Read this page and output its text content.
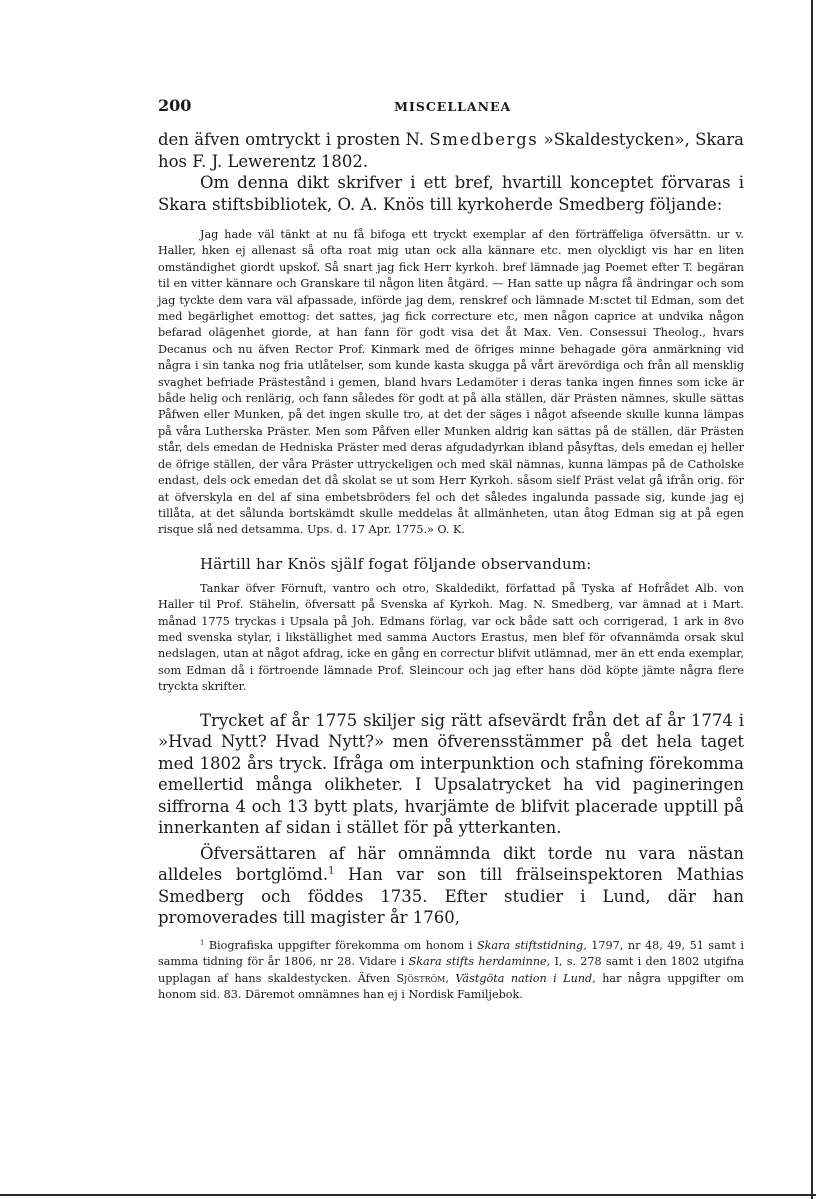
200	MISCELLANEA

den äfven omtryckt i prosten N. Smedbergs »Skaldestycken», Skara hos F. J. Lewerentz 1802.

Om denna dikt skrifver i ett bref, hvartill konceptet förvaras i Skara stiftsbibliotek, O. A. Knös till kyrkoherde Smedberg följande:

Jag hade väl tänkt at nu få bifoga ett tryckt exemplar af den förträffeliga öfversättn. ur v. Haller, hken ej allenast så ofta roat mig utan ock alla kännare etc. men olyckligt vis har en liten omständighet giordt upskof. Så snart jag fick Herr kyrkoh. bref lämnade jag Poemet efter T. begäran til en vitter kännare och Granskare til någon liten åtgärd. — Han satte up några få ändringar och som jag tyckte dem vara väl afpassade, införde jag dem, renskref och lämnade M:sctet til Edman, som det med begärlighet emottog: det sattes, jag fick correcture etc, men någon caprice at undvika någon befarad olägenhet giorde, at han fann för godt visa det åt Max. Ven. Consessui Theolog., hvars Decanus och nu äfven Rector Prof. Kinmark med de öfriges minne behagade göra anmärkning vid några i sin tanka nog fria utlåtelser, som kunde kasta skugga på vårt ärevördiga och från all mensklig svaghet befriade Prästestånd i gemen, bland hvars Ledamöter i deras tanka ingen finnes som icke är både helig och renlärig, och fann således för godt at på alla ställen, där Prästen nämnes, skulle sättas Påfwen eller Munken, på det ingen skulle tro, at det der säges i något afseende skulle kunna lämpas på våra Lutherska Präster. Men som Påfven eller Munken aldrig kan sättas på de ställen, där Prästen står, dels emedan de Hedniska Präster med deras afgudadyrkan ibland påsyftas, dels emedan ej heller de öfrige ställen, der våra Präster uttryckeligen och med skäl nämnas, kunna lämpas på de Catholske endast, dels ock emedan det då skolat se ut som Herr Kyrkoh. såsom sielf Präst velat gå ifrån orig. för at öfverskyla en del af sina embetsbröders fel och det således ingalunda passade sig, kunde jag ej tillåta, at det sålunda bortskämdt skulle meddelas åt allmänheten, utan åtog Edman sig at på egen risque slå ned detsamma. Ups. d. 17 Apr. 1775.» O. K.

Härtill har Knös själf fogat följande observandum:

Tankar öfver Förnuft, vantro och otro, Skaldedikt, författad på Tyska af Hofrådet Alb. von Haller til Prof. Stähelin, öfversatt på Svenska af Kyrkoh. Mag. N. Smedberg, var ämnad at i Mart. månad 1775 tryckas i Upsala på Joh. Edmans förlag, var ock både satt och corrigerad, 1 ark in 8vo med svenska stylar, i likställighet med samma Auctors Erastus, men blef för ofvannämda orsak skul nedslagen, utan at något afdrag, icke en gång en correctur blifvit utlämnad, mer än ett enda exemplar, som Edman då i förtroende lämnade Prof. Sleincour och jag efter hans död köpte jämte några flere tryckta skrifter.

Trycket af år 1775 skiljer sig rätt afsevärdt från det af år 1774 i »Hvad Nytt? Hvad Nytt?» men öfverensstämmer på det hela taget med 1802 års tryck. Ifråga om interpunktion och stafning förekomma emellertid många olikheter. I Upsalatrycket ha vid pagineringen siffrorna 4 och 13 bytt plats, hvarjämte de blifvit placerade upptill på innerkanten af sidan i stället för på ytterkanten.

Öfversättaren af här omnämnda dikt torde nu vara nästan alldeles bortglömd.$^1$ Han var son till frälseinspektoren Mathias Smedberg och föddes 1735. Efter studier i Lund, där han promoverades till magister år 1760,

$^1$ Biografiska uppgifter förekomma om honom i Skara stiftstidning, 1797, nr 48, 49, 51 samt i samma tidning för år 1806, nr 28. Vidare i Skara stifts herdaminne, I, s. 278 samt i den 1802 utgifna upplagan af hans skaldestycken. Äfven Sjöström, Västgöta nation i Lund, har några uppgifter om honom sid. 83. Däremot omnämnes han ej i Nordisk Familjebok.
